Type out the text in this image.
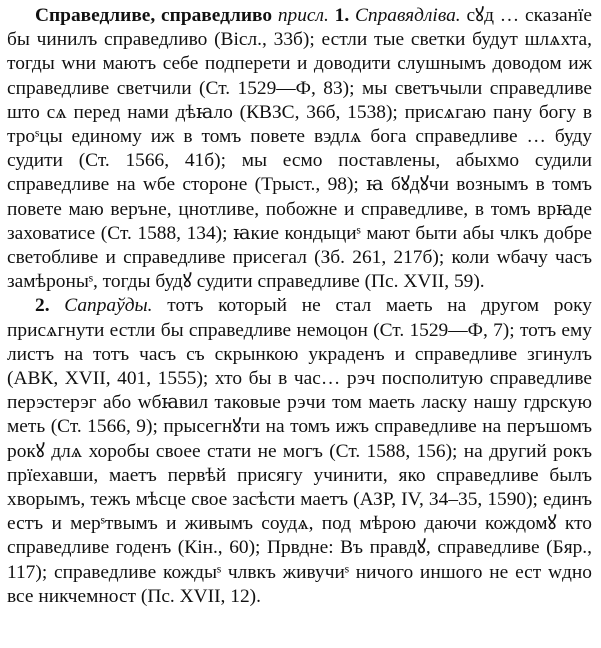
Справедливе, справедливо присл. 1. Справядліва. сꙋд … сказанїе бы чинилъ справедливо (Вісл., 33б); естли тые светки будут шлѧхта, тогды wни маютъ себе подперети и доводити слушнымъ доводом иж справедливе светчили (Ст. 1529—Ф, 83); мы светъчыли справедливе што сѧ перед нами дѣꙗло (КВЗС, 36б, 1538); присѧгаю пану богу в троˢцы единому иж в томъ повете вэдлѧ бога справедливе … буду судити (Ст. 1566, 41б); мы есмо поставлены, абыхмо судили справедливе на wбе стороне (Трыст., 98); ꙗ бꙋдꙋчи вознымъ в томъ повете маю веръне, цнотливе, побожне и справедливе, в томъ врꙗде заховатисе (Ст. 1588, 134); ꙗкие кондыциˢ мают быти абы члкъ добре светобливе и справедливе присегал (Зб. 261, 217б); коли wбачу часъ замѣроныˢ, тогды будꙋ судити справедливе (Пс. XVII, 59).

2. Сапраўды. тотъ который не стал маеть на другом року присѧгнути естли бы справедливе немоцон (Ст. 1529—Ф, 7); тотъ ему листъ на тотъ часъ съ скрынкою украденъ и справедливе згинулъ (АВК, XVII, 401, 1555); хто бы в час… рэч посполитую справедливе перэстерэг або wбꙗвил таковые рэчи том маеть ласку нашу гдрскую меть (Ст. 1566, 9); прысегнꙋти на томъ ижъ справедливе на перъшомъ рокꙋ длѧ хоробы своее стати не могъ (Ст. 1588, 156); на другий рокъ прїехавши, маетъ первѣй присягу учинити, яко справедливе былъ хворымъ, тежъ мѣсце свое засѣсти маетъ (АЗР, IV, 34–35, 1590); единъ естъ и мерˢтвымъ и живымъ соудѧ, под мѣрою даючи кождомꙋ кто справедливе годенъ (Кін., 60); Првдне: Въ правдꙋ, справедливе (Бяр., 117); справедливе кождыˢ члвкъ живучиˢ ничого иншого не ест wдно все никчемност (Пс. XVII, 12).
